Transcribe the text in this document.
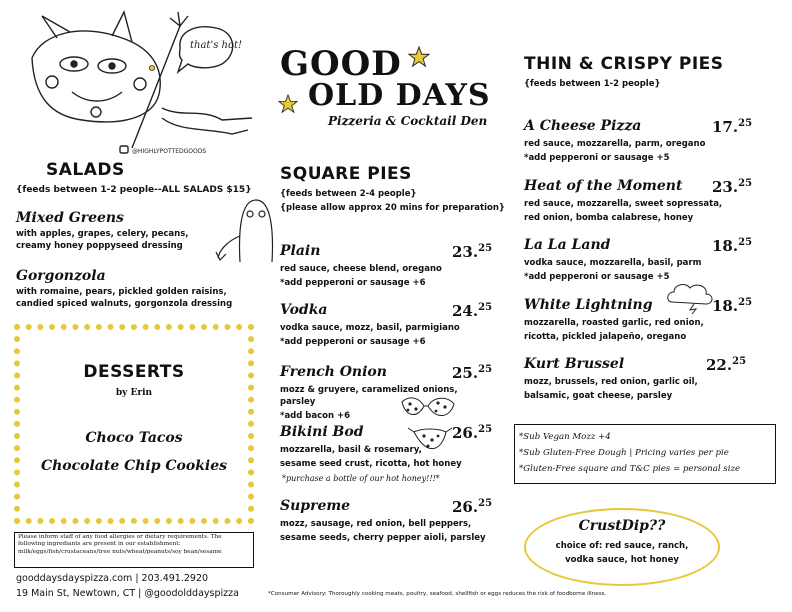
that's hot!
@HIGHLYPOTTEDGOODS
GOOD
OLD DAYS
Pizzeria & Cocktail Den
SALADS
{feeds between 1-2 people--ALL SALADS $15}
Mixed Greens
with apples, grapes, celery, pecans,
creamy honey poppyseed dressing
Gorgonzola
with romaine, pears, pickled golden raisins,
candied spiced walnuts, gorgonzola dressing
DESSERTS
by Erin
Choco Tacos
Chocolate Chip Cookies
Please inform staff of any food allergies or dietary requirements. The following ingrediants are present in our establishment: milk/eggs/fish/crustaceans/tree nuts/wheat/peanuts/soy bean/sesame
gooddaysdayspizza.com | 203.491.2920
19 Main St, Newtown, CT | @goodolddayspizza	*Consumer Advisory: Thoroughly cooking meats, poultry, seafood, shellfish or eggs reduces the risk of foodborne illness.
SQUARE PIES
{feeds between 2-4 people}
{please allow approx 20 mins for preparation}
Plain	23.25
red sauce, cheese blend, oregano
*add pepperoni or sausage +6
Vodka	24.25
vodka sauce, mozz, basil, parmigiano
*add pepperoni or sausage +6
French Onion	25.25
mozz & gruyere, caramelized onions, parsley
*add bacon +6
Bikini Bod	26.25
mozzarella, basil & rosemary,
sesame seed crust, ricotta, hot honey
*purchase a bottle of our hot honey!!!*
Supreme	26.25
mozz, sausage, red onion, bell peppers,
sesame seeds, cherry pepper aioli, parsley
THIN & CRISPY PIES
{feeds between 1-2 people}
A Cheese Pizza	17.25
red sauce, mozzarella, parm, oregano
*add pepperoni or sausage +5
Heat of the Moment	23.25
red sauce, mozzarella, sweet sopressata,
red onion, bomba calabrese, honey
La La Land	18.25
vodka sauce, mozzarella, basil, parm
*add pepperoni or sausage +5
White Lightning	18.25
mozzarella, roasted garlic, red onion,
ricotta, pickled jalapeño, oregano
Kurt Brussel	22.25
mozz, brussels, red onion, garlic oil,
balsamic, goat cheese, parsley
*Sub Vegan Mozz +4
*Sub Gluten-Free Dough | Pricing varies per pie
*Gluten-Free square and T&C pies = personal size
CrustDip??
choice of: red sauce, ranch,
vodka sauce, hot honey
